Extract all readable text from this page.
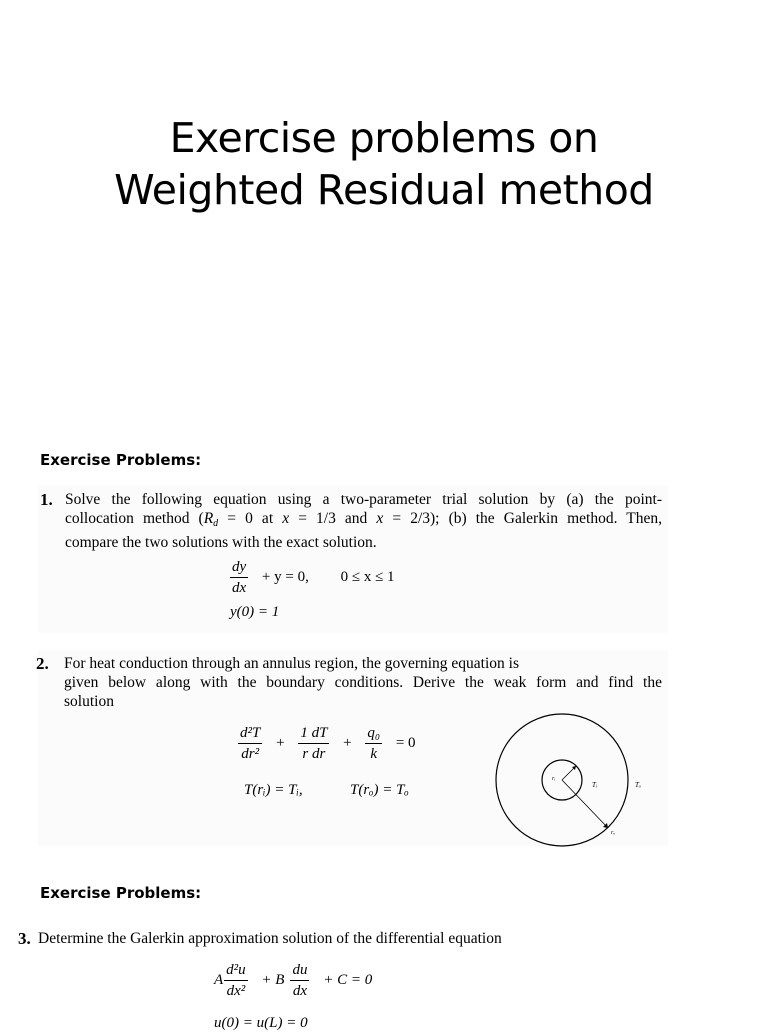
Exercise problems on
Weighted Residual method
Exercise Problems:
1. Solve the following equation using a two-parameter trial solution by (a) the point-
collocation method ($R_d = 0$ at x = 1/3 and x = 2/3); (b) the Galerkin method. Then,
compare the two solutions with the exact solution.
$\frac{dy}{dx} + y = 0$, 0 ≤ x ≤ 1
y(0) = 1
2. For heat conduction through an annulus region, the governing equation is
given below along with the boundary conditions. Derive the weak form and find the
solution
$\frac{\text{d²T}}{\text{dr²}} + \frac{1 dT}{\text{r dr}} + \frac{\text{q₀}}{k} = 0$
T(rᵢ) = Tᵢ,	T(rₒ) = Tₒ
rᵢ
Tᵢ	Tₒ
rₒ
Exercise Problems:
3. Determine the Galerkin approximation solution of the differential equation
A $\frac{\text{d²u}}{\text{dx²}} + B \frac{du}{dx} + C = 0$
u(0) = u(L) = 0
